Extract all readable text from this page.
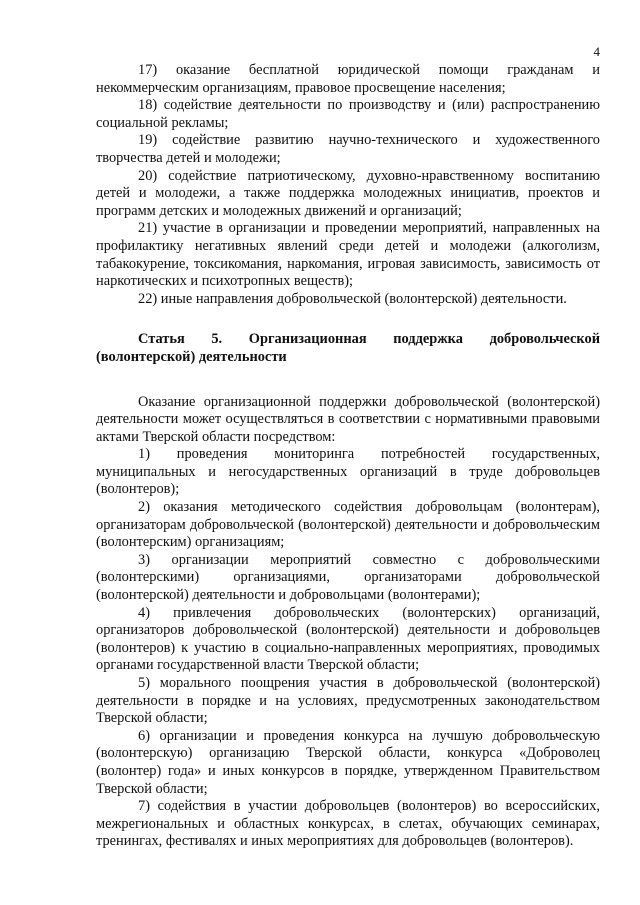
4

17) оказание бесплатной юридической помощи гражданам и некоммерческим организациям, правовое просвещение населения;

18) содействие деятельности по производству и (или) распространению социальной рекламы;

19) содействие развитию научно-технического и художественного творчества детей и молодежи;

20) содействие патриотическому, духовно-нравственному воспитанию детей и молодежи, а также поддержка молодежных инициатив, проектов и программ детских и молодежных движений и организаций;

21) участие в организации и проведении мероприятий, направленных на профилактику негативных явлений среди детей и молодежи (алкоголизм, табакокурение, токсикомания, наркомания, игровая зависимость, зависимость от наркотических и психотропных веществ);

22) иные направления добровольческой (волонтерской) деятельности.

Статья 5. Организационная поддержка добровольческой (волонтерской) деятельности

Оказание организационной поддержки добровольческой (волонтерской) деятельности может осуществляться в соответствии с нормативными правовыми актами Тверской области посредством:

1) проведения мониторинга потребностей государственных, муниципальных и негосударственных организаций в труде добровольцев (волонтеров);

2) оказания методического содействия добровольцам (волонтерам), организаторам добровольческой (волонтерской) деятельности и добровольческим (волонтерским) организациям;

3) организации мероприятий совместно с добровольческими (волонтерскими) организациями, организаторами добровольческой (волонтерской) деятельности и добровольцами (волонтерами);

4) привлечения добровольческих (волонтерских) организаций, организаторов добровольческой (волонтерской) деятельности и добровольцев (волонтеров) к участию в социально-направленных мероприятиях, проводимых органами государственной власти Тверской области;

5) морального поощрения участия в добровольческой (волонтерской) деятельности в порядке и на условиях, предусмотренных законодательством Тверской области;

6) организации и проведения конкурса на лучшую добровольческую (волонтерскую) организацию Тверской области, конкурса «Доброволец (волонтер) года» и иных конкурсов в порядке, утвержденном Правительством Тверской области;

7) содействия в участии добровольцев (волонтеров) во всероссийских, межрегиональных и областных конкурсах, в слетах, обучающих семинарах, тренингах, фестивалях и иных мероприятиях для добровольцев (волонтеров).
